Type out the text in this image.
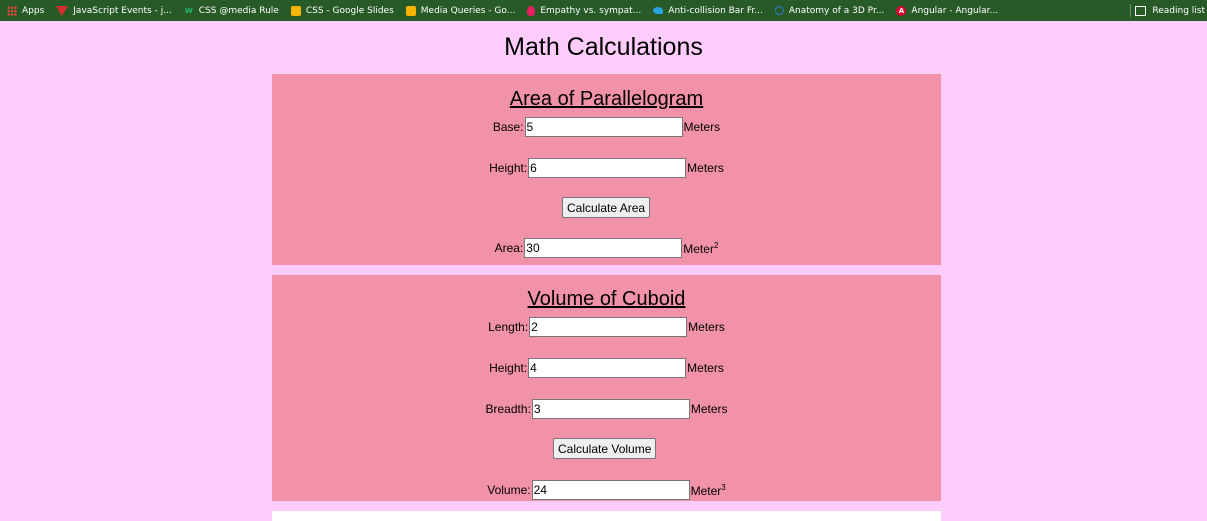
Apps	JavaScript Events - j... w CSS @media Rule	CSS - Google Slides	Media Queries - Go...	Empathy vs. sympat...	Anti-collision Bar Fr...	Anatomy of a 3D Pr...	A Angular - Angular...	Reading list
Math Calculations
Area of Parallelogram
Base:
5	Meters
Height:
6	Meters
Calculate Area
Area:
30	Meter$^2$
Volume of Cuboid
Length:
2	Meters
Height:
4	Meters
Breadth:
3	Meters
Calculate Volume
Volume:
24	Meter$^3$
